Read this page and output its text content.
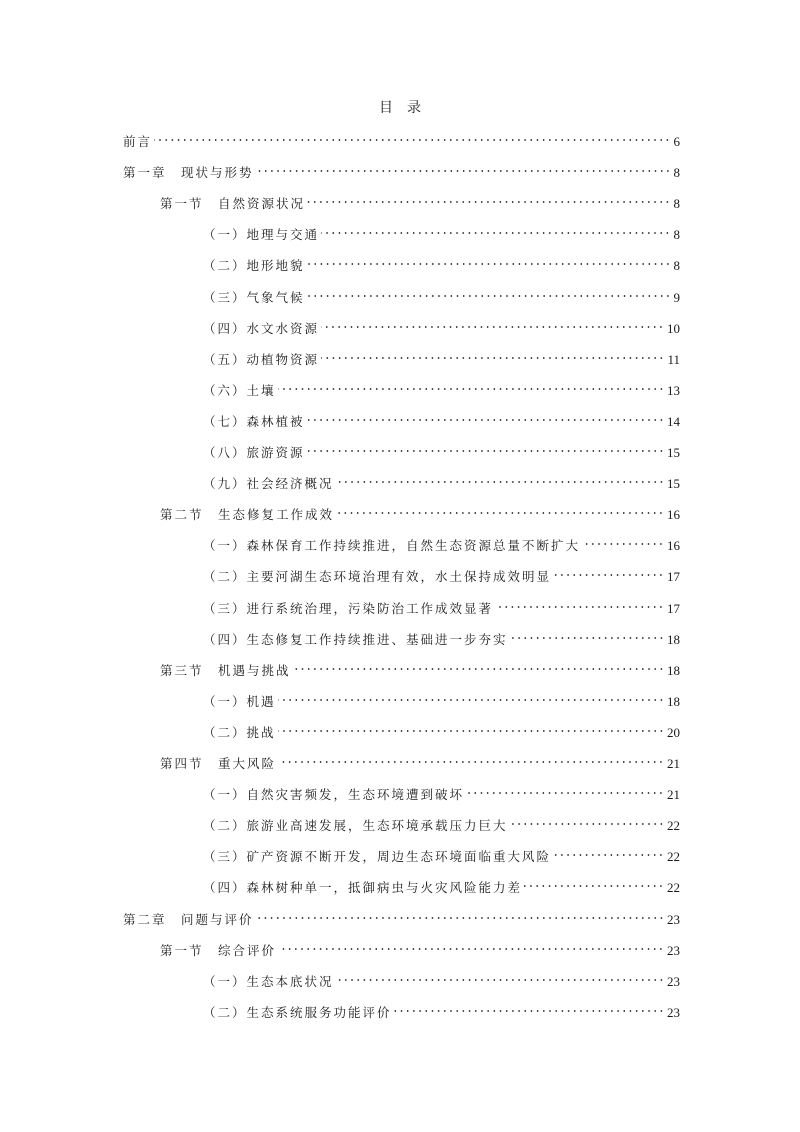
目录
前言	6
第一章　现状与形势	8
第一节　自然资源状况	8
（一）地理与交通	8
（二）地形地貌	8
（三）气象气候	9
（四）水文水资源	10
（五）动植物资源	11
（六）土壤	13
（七）森林植被	14
（八）旅游资源	15
（九）社会经济概况	15
第二节　生态修复工作成效	16
（一）森林保育工作持续推进，自然生态资源总量不断扩大	16
（二）主要河湖生态环境治理有效，水土保持成效明显	17
（三）进行系统治理，污染防治工作成效显著	17
（四）生态修复工作持续推进、基础进一步夯实	18
第三节　机遇与挑战	18
（一）机遇	18
（二）挑战	20
第四节　重大风险	21
（一）自然灾害频发，生态环境遭到破坏	21
（二）旅游业高速发展，生态环境承载压力巨大	22
（三）矿产资源不断开发，周边生态环境面临重大风险	22
（四）森林树种单一，抵御病虫与火灾风险能力差	22
第二章　问题与评价	23
第一节　综合评价	23
（一）生态本底状况	23
（二）生态系统服务功能评价	23
